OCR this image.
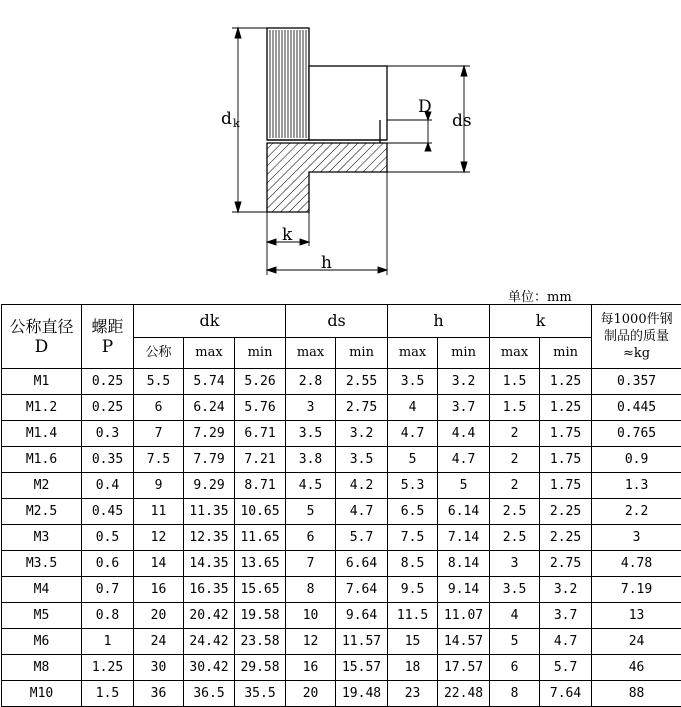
d k	ds
D
k
h
单位：mm
公称直径
D	螺距
P	dk			ds		h		k		每1000件钢
制品的质量
≈kg

		公称	max	min	max	min	max	min	max	min	
M1	0.25	5.5	5.74	5.26	2.8	2.55	3.5	3.2	1.5	1.25	0.357
M1.2	0.25	6	6.24	5.76	3	2.75	4	3.7	1.5	1.25	0.445
M1.4	0.3	7	7.29	6.71	3.5	3.2	4.7	4.4	2	1.75	0.765
M1.6	0.35	7.5	7.79	7.21	3.8	3.5	5	4.7	2	1.75	0.9
M2	0.4	9	9.29	8.71	4.5	4.2	5.3	5	2	1.75	1.3
M2.5	0.45	11	11.35	10.65	5	4.7	6.5	6.14	2.5	2.25	2.2
M3	0.5	12	12.35	11.65	6	5.7	7.5	7.14	2.5	2.25	3
M3.5	0.6	14	14.35	13.65	7	6.64	8.5	8.14	3	2.75	4.78
M4	0.7	16	16.35	15.65	8	7.64	9.5	9.14	3.5	3.2	7.19
M5	0.8	20	20.42	19.58	10	9.64	11.5	11.07	4	3.7	13
M6	1	24	24.42	23.58	12	11.57	15	14.57	5	4.7	24
M8	1.25	30	30.42	29.58	16	15.57	18	17.57	6	5.7	46
M10	1.5	36	36.5	35.5	20	19.48	23	22.48	8	7.64	88
